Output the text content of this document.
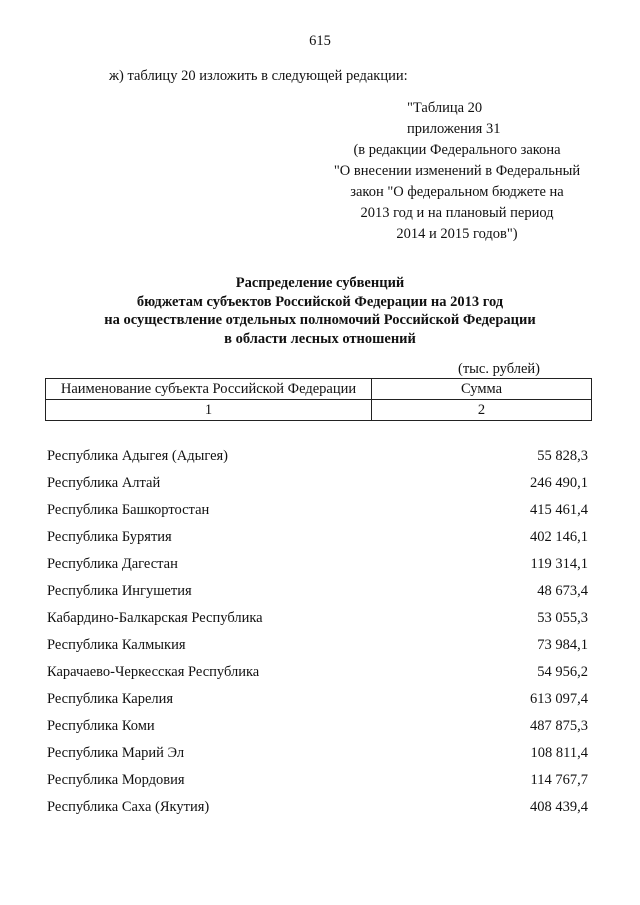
615
ж) таблицу 20 изложить в следующей редакции:
"Таблица 20
приложения 31
(в редакции Федерального закона
"О внесении изменений в Федеральный
закон "О федеральном бюджете на
2013 год и на плановый период
2014 и 2015 годов")
Распределение субвенций
бюджетам субъектов Российской Федерации на 2013 год
на осуществление отдельных полномочий Российской Федерации
в области лесных отношений
(тыс. рублей)
Наименование субъекта Российской Федерации	Сумма
1	2
Республика Адыгея (Адыгея)	55 828,3
Республика Алтай	246 490,1
Республика Башкортостан	415 461,4
Республика Бурятия	402 146,1
Республика Дагестан	119 314,1
Республика Ингушетия	48 673,4
Кабардино-Балкарская Республика	53 055,3
Республика Калмыкия	73 984,1
Карачаево-Черкесская Республика	54 956,2
Республика Карелия	613 097,4
Республика Коми	487 875,3
Республика Марий Эл	108 811,4
Республика Мордовия	114 767,7
Республика Саха (Якутия)	408 439,4
